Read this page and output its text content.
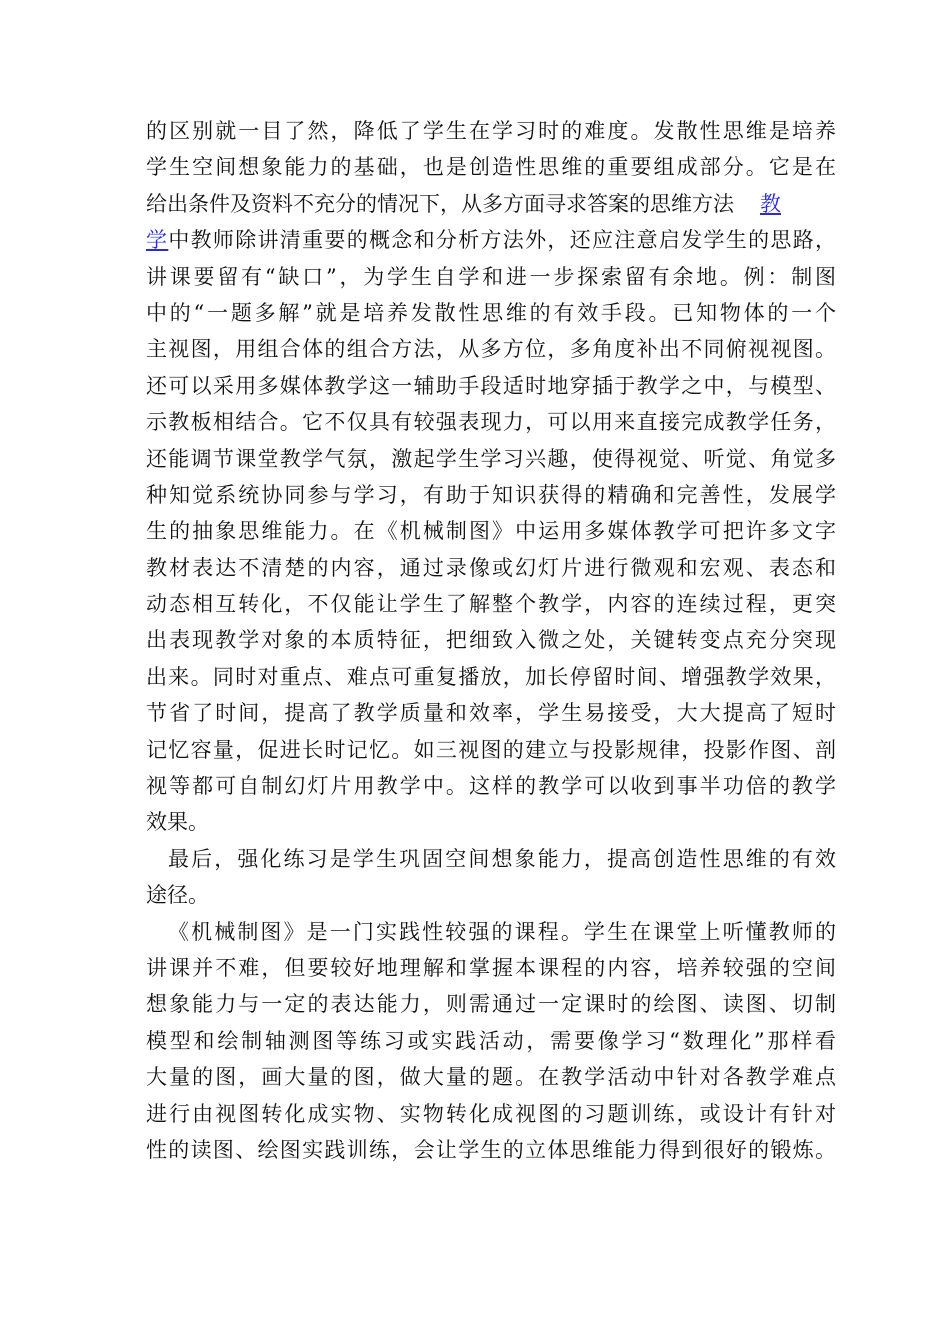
的区别就一目了然，降低了学生在学习时的难度。发散性思维是培养
学生空间想象能力的基础，也是创造性思维的重要组成部分。它是在
给出条件及资料不充分的情况下，从多方面寻求答案的思维方法 教
学中教师除讲清重要的概念和分析方法外，还应注意启发学生的思路，
讲课要留有“缺口”，为学生自学和进一步探索留有余地。例：制图
中的“一题多解”就是培养发散性思维的有效手段。已知物体的一个
主视图，用组合体的组合方法，从多方位，多角度补出不同俯视视图。
还可以采用多媒体教学这一辅助手段适时地穿插于教学之中，与模型、
示教板相结合。它不仅具有较强表现力，可以用来直接完成教学任务，
还能调节课堂教学气氛，激起学生学习兴趣，使得视觉、听觉、角觉多
种知觉系统协同参与学习，有助于知识获得的精确和完善性，发展学
生的抽象思维能力。在《机械制图》中运用多媒体教学可把许多文字
教材表达不清楚的内容，通过录像或幻灯片进行微观和宏观、表态和
动态相互转化，不仅能让学生了解整个教学，内容的连续过程，更突
出表现教学对象的本质特征，把细致入微之处，关键转变点充分突现
出来。同时对重点、难点可重复播放，加长停留时间、增强教学效果，
节省了时间，提高了教学质量和效率，学生易接受，大大提高了短时
记忆容量，促进长时记忆。如三视图的建立与投影规律，投影作图、剖
视等都可自制幻灯片用教学中。这样的教学可以收到事半功倍的教学
效果。
最后，强化练习是学生巩固空间想象能力，提高创造性思维的有效
途径。
《机械制图》是一门实践性较强的课程。学生在课堂上听懂教师的
讲课并不难，但要较好地理解和掌握本课程的内容，培养较强的空间
想象能力与一定的表达能力，则需通过一定课时的绘图、读图、切制
模型和绘制轴测图等练习或实践活动，需要像学习“数理化”那样看
大量的图，画大量的图，做大量的题。在教学活动中针对各教学难点
进行由视图转化成实物、实物转化成视图的习题训练，或设计有针对
性的读图、绘图实践训练，会让学生的立体思维能力得到很好的锻炼。
